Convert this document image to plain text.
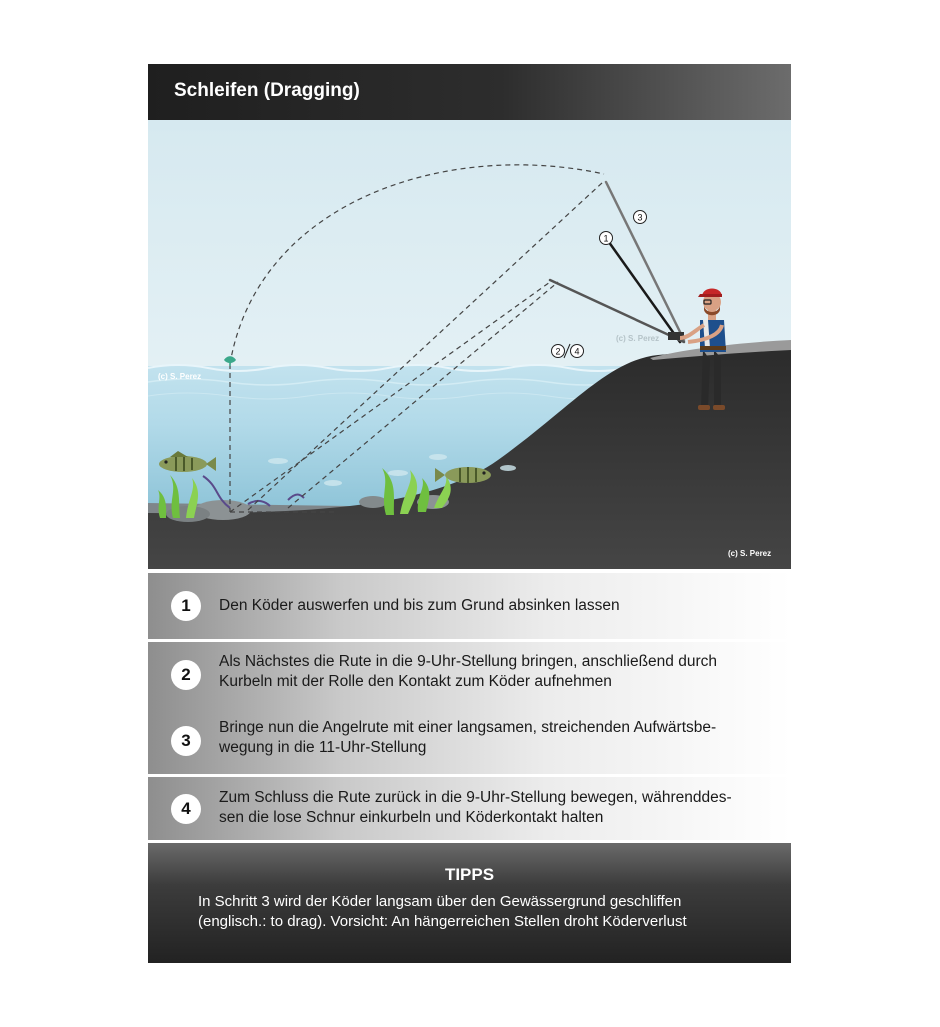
Schleifen (Dragging)
1
3
2 4
(c) S. Perez
(c) S. Perez
(c) S. Perez
1	Den Köder auswerfen und bis zum Grund absinken lassen
2
Als Nächstes die Rute in die 9-Uhr-Stellung bringen, anschließend durch
Kurbeln mit der Rolle den Kontakt zum Köder aufnehmen
3
Bringe nun die Angelrute mit einer langsamen, streichenden Aufwärtsbe-
wegung in die 11-Uhr-Stellung
4
Zum Schluss die Rute zurück in die 9-Uhr-Stellung bewegen, währenddes-
sen die lose Schnur einkurbeln und Köderkontakt halten
TIPPS
In Schritt 3 wird der Köder langsam über den Gewässergrund geschliffen
(englisch.: to drag). Vorsicht: An hängerreichen Stellen droht Köderverlust
